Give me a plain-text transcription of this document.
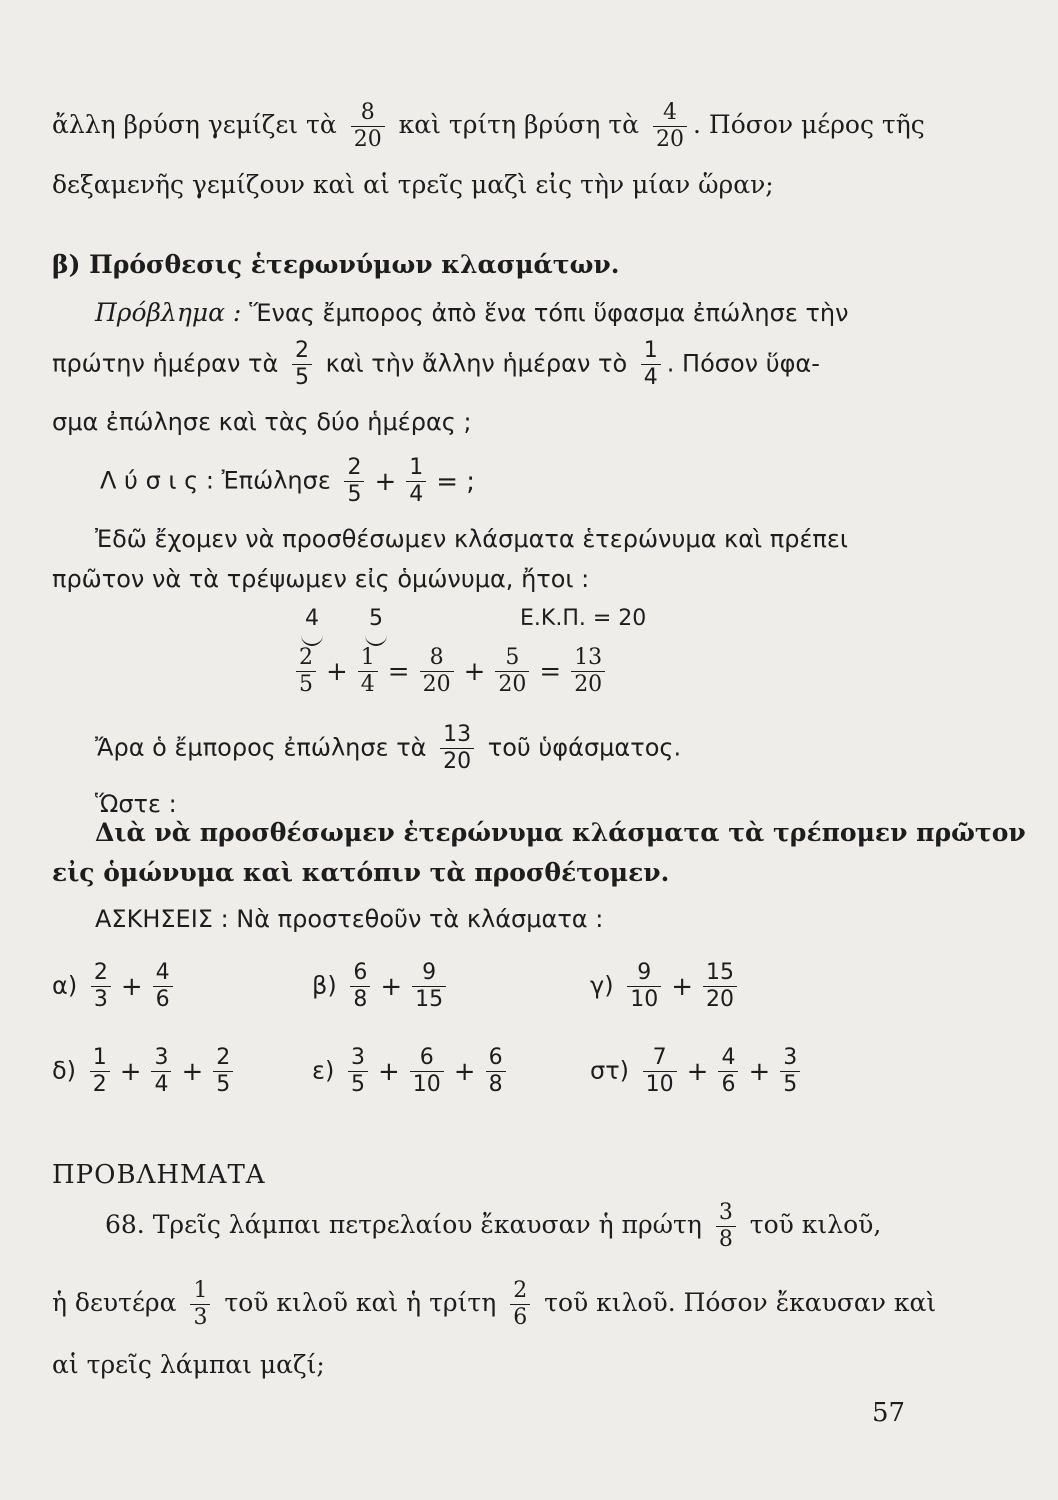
ἄλλη βρύση γεμίζει τὰ $\frac{8}{20}$ καὶ τρίτη βρύση τὰ $\frac{4}{20}$ . Πόσον μέρος τῆς
δεξαμενῆς γεμίζουν καὶ αἱ τρεῖς μαζὶ εἰς τὴν μίαν ὥραν;
β) Πρόσθεσις ἑτερωνύμων κλασμάτων.
Πρόβλημα : Ἕνας ἔμπορος ἀπὸ ἕνα τόπι ὕφασμα ἐπώλησε τὴν
πρώτην ἡμέραν τὰ $\frac{2}{5}$ καὶ τὴν ἄλλην ἡμέραν τὸ $\frac{1}{4}$ . Πόσον ὕφα-
σμα ἐπώλησε καὶ τὰς δύο ἡμέρας ;
Λ ύ σ ι ς : Ἐπώλησε $\frac{2}{5} + \frac{1}{4}$ = ;
Ἐδῶ ἔχομεν νὰ προσθέσωμεν κλάσματα ἑτερώνυμα καὶ πρέπει
πρῶτον νὰ τὰ τρέψωμεν εἰς ὁμώνυμα, ἤτοι :
4 5	Ε.Κ.Π. = 20
$\frac{2}{5} + \frac{1}{4} = \frac{8}{20} + \frac{5}{20} = \frac{13}{20}$
Ἄρα ὁ ἔμπορος ἐπώλησε τὰ $\frac{13}{20}$ τοῦ ὑφάσματος.
Ὥστε :
Διὰ νὰ προσθέσωμεν ἑτερώνυμα κλάσματα τὰ τρέπομεν πρῶτον
εἰς ὁμώνυμα καὶ κατόπιν τὰ προσθέτομεν.
ΑΣΚΗΣΕΙΣ : Νὰ προστεθοῦν τὰ κλάσματα :
$\alpha) \frac{2}{3} + \frac{4}{6}$	$\beta) \frac{6}{8} + \frac{9}{15}$	$\gamma) \frac{9}{10} + \frac{15}{20}$
$\delta) \frac{1}{2} + \frac{3}{4} + \frac{2}{5}$	$\varepsilon) \frac{3}{5} + \frac{6}{10} + \frac{6}{8}$	$\sigma\tau) \frac{7}{10} + \frac{4}{6} + \frac{3}{5}$
ΠΡΟΒΛΗΜΑΤΑ
68. Τρεῖς λάμπαι πετρελαίου ἔκαυσαν ἡ πρώτη $\frac{3}{8}$ τοῦ κιλοῦ,
ἡ δευτέρα $\frac{1}{3}$ τοῦ κιλοῦ καὶ ἡ τρίτη $\frac{2}{6}$ τοῦ κιλοῦ. Πόσον ἔκαυσαν καὶ
αἱ τρεῖς λάμπαι μαζί;
57
